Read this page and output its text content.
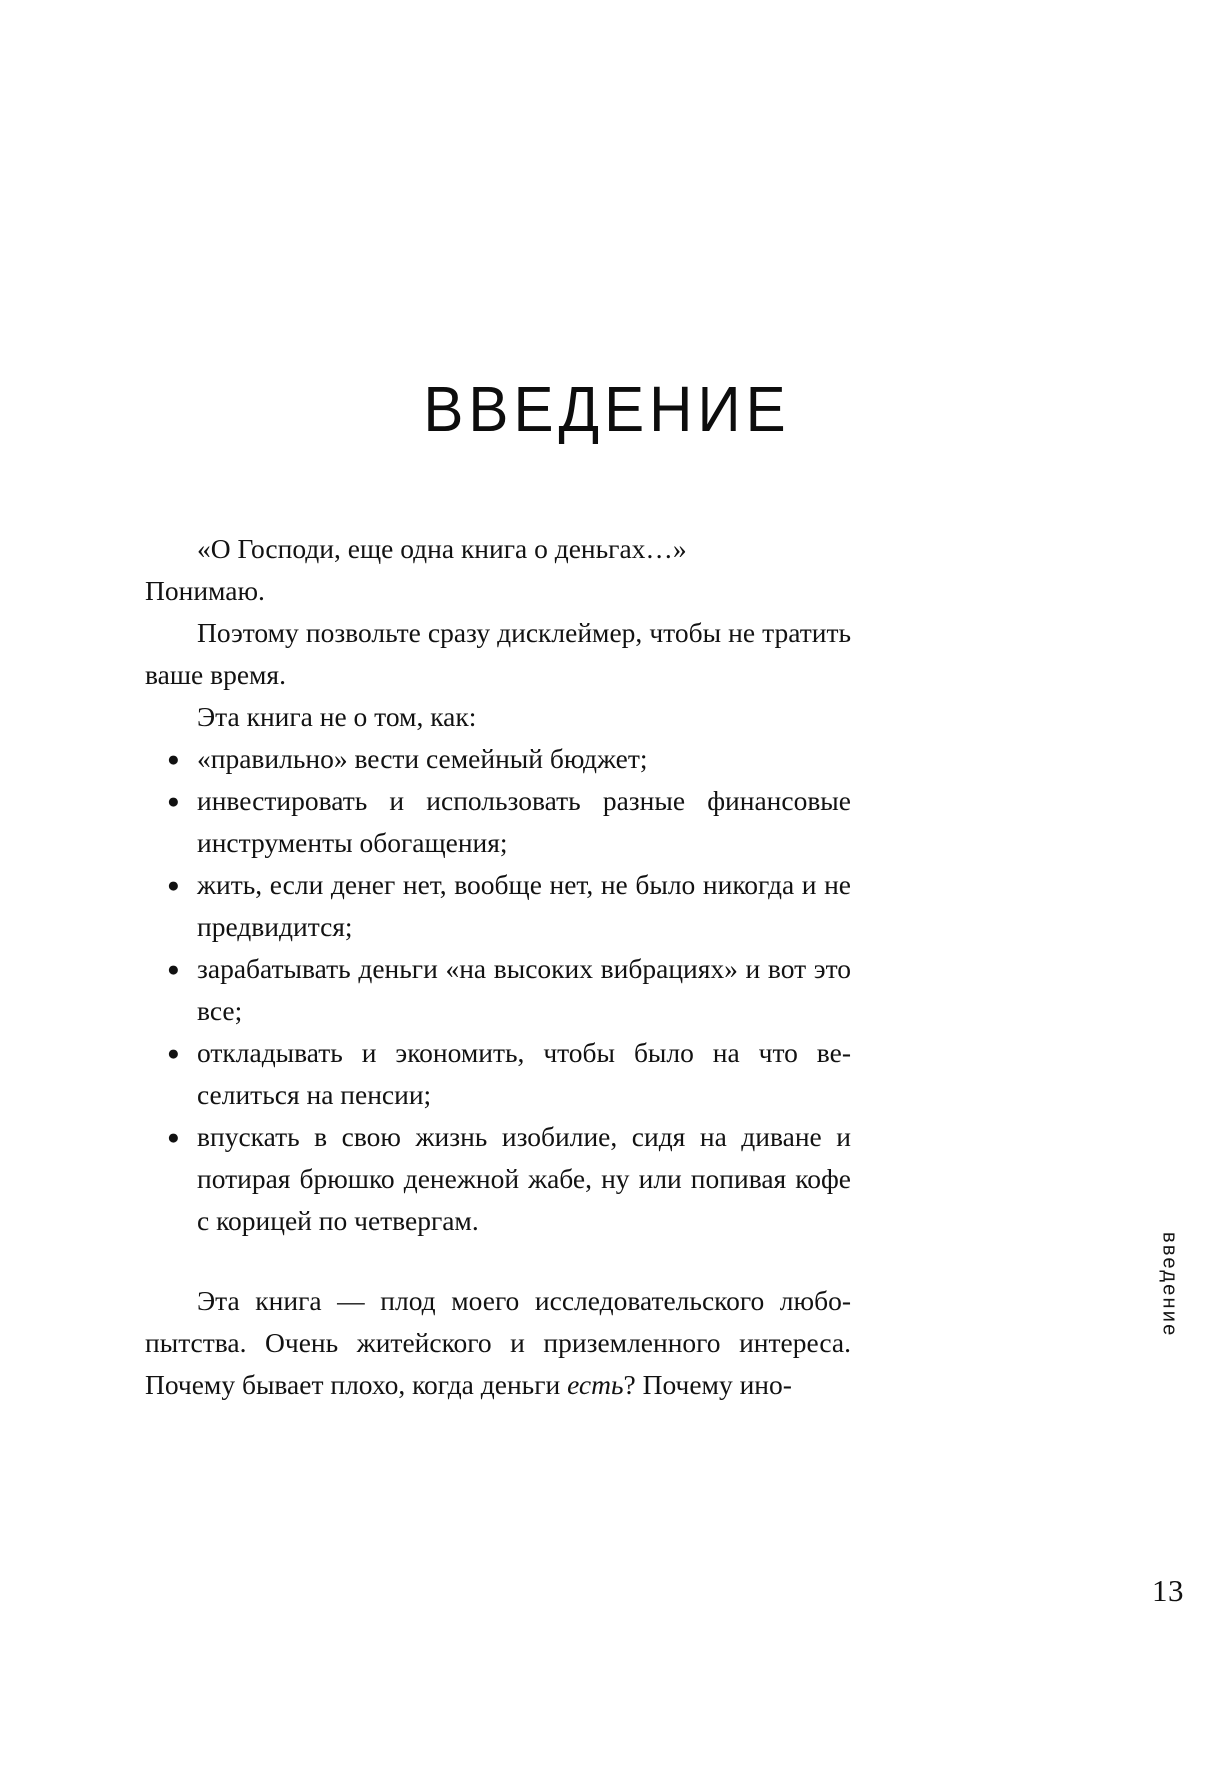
ВВЕДЕНИЕ

«О Господи, еще одна книга о деньгах…»

Понимаю.

Поэтому позвольте сразу дисклеймер, чтобы не тратить ваше время.

Эта книга не о том, как:

● «правильно» вести семейный бюджет;
● инвестировать и использовать разные финансовые инструменты обогащения;
● жить, если денег нет, вообще нет, не было никогда и не предвидится;
● зарабатывать деньги «на высоких вибрациях» и вот это все;
● откладывать и экономить, чтобы было на что веселиться на пенсии;
● впускать в свою жизнь изобилие, сидя на диване и потирая брюшко денежной жабе, ну или попивая кофе с корицей по четвергам.

Эта книга — плод моего исследовательского любопытства. Очень житейского и приземленного интереса. Почему бывает плохо, когда деньги есть? Почему ино-

введение
13
